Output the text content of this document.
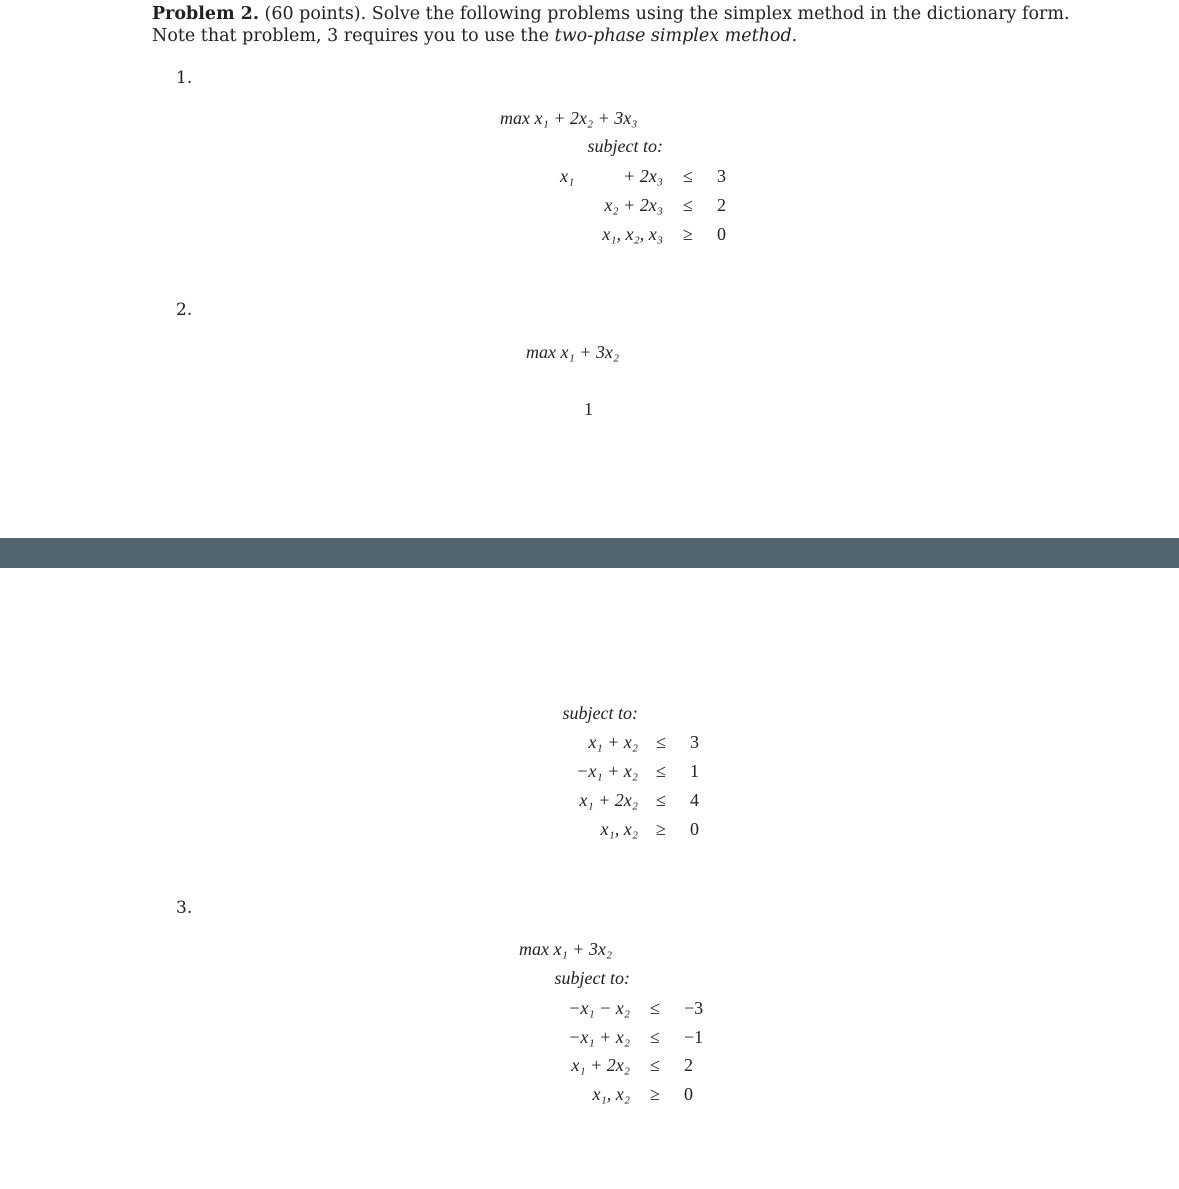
Problem 2. (60 points). Solve the following problems using the simplex method in the dictionary form.
Note that problem, 3 requires you to use the two-phase simplex method.
1.
max x₁ + 2x₂ + 3x₃
subject to:
x₁	+ 2x₃ ≤ 3
x₂ + 2x₃ ≤ 2
x₁, x₂, x₃ ≥ 0
2.
max x₁ + 3x₂
1
subject to:
x₁ + x₂ ≤ 3
−x₁ + x₂ ≤ 1
x₁ + 2x₂ ≤ 4
x₁, x₂ ≥ 0
3.
max x₁ + 3x₂
subject to:
−x₁ − x₂ ≤ −3
−x₁ + x₂ ≤ −1
x₁ + 2x₂ ≤ 2
x₁, x₂ ≥ 0
